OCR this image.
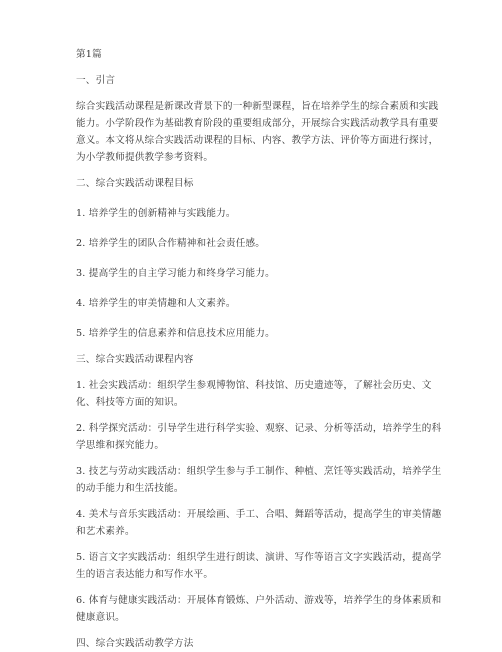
第1篇

一、引言

综合实践活动课程是新课改背景下的一种新型课程，旨在培养学生的综合素质和实践能力。小学阶段作为基础教育阶段的重要组成部分，开展综合实践活动教学具有重要意义。本文将从综合实践活动课程的目标、内容、教学方法、评价等方面进行探讨，为小学教师提供教学参考资料。

二、综合实践活动课程目标

1. 培养学生的创新精神与实践能力。

2. 培养学生的团队合作精神和社会责任感。

3. 提高学生的自主学习能力和终身学习能力。

4. 培养学生的审美情趣和人文素养。

5. 培养学生的信息素养和信息技术应用能力。

三、综合实践活动课程内容

1. 社会实践活动：组织学生参观博物馆、科技馆、历史遗迹等，了解社会历史、文化、科技等方面的知识。

2. 科学探究活动：引导学生进行科学实验、观察、记录、分析等活动，培养学生的科学思维和探究能力。

3. 技艺与劳动实践活动：组织学生参与手工制作、种植、烹饪等实践活动，培养学生的动手能力和生活技能。

4. 美术与音乐实践活动：开展绘画、手工、合唱、舞蹈等活动，提高学生的审美情趣和艺术素养。

5. 语言文字实践活动：组织学生进行朗读、演讲、写作等语言文字实践活动，提高学生的语言表达能力和写作水平。

6. 体育与健康实践活动：开展体育锻炼、户外活动、游戏等，培养学生的身体素质和健康意识。

四、综合实践活动教学方法
